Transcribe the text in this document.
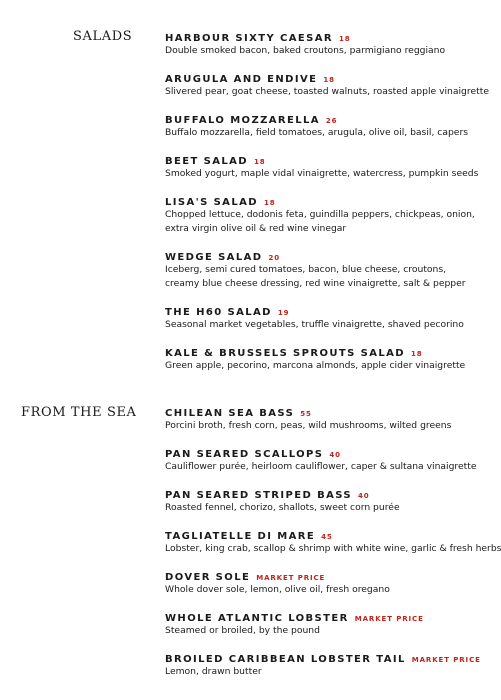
SALADS	HARBOUR SIXTY CAESAR 18
Double smoked bacon, baked croutons, parmigiano reggiano
ARUGULA AND ENDIVE 18
Slivered pear, goat cheese, toasted walnuts, roasted apple vinaigrette
BUFFALO MOZZARELLA 26
Buffalo mozzarella, field tomatoes, arugula, olive oil, basil, capers
BEET SALAD 18
Smoked yogurt, maple vidal vinaigrette, watercress, pumpkin seeds
LISA'S SALAD 18
Chopped lettuce, dodonis feta, guindilla peppers, chickpeas, onion,
extra virgin olive oil & red wine vinegar
WEDGE SALAD 20
Iceberg, semi cured tomatoes, bacon, blue cheese, croutons,
creamy blue cheese dressing, red wine vinaigrette, salt & pepper
THE H60 SALAD 19
Seasonal market vegetables, truffle vinaigrette, shaved pecorino
KALE & BRUSSELS SPROUTS SALAD 18
Green apple, pecorino, marcona almonds, apple cider vinaigrette
FROM THE SEA	CHILEAN SEA BASS 55
Porcini broth, fresh corn, peas, wild mushrooms, wilted greens
PAN SEARED SCALLOPS 40
Cauliflower purée, heirloom cauliflower, caper & sultana vinaigrette
PAN SEARED STRIPED BASS 40
Roasted fennel, chorizo, shallots, sweet corn purée
TAGLIATELLE DI MARE 45
Lobster, king crab, scallop & shrimp with white wine, garlic & fresh herbs
DOVER SOLE MARKET PRICE
Whole dover sole, lemon, olive oil, fresh oregano
WHOLE ATLANTIC LOBSTER MARKET PRICE
Steamed or broiled, by the pound
BROILED CARIBBEAN LOBSTER TAIL MARKET PRICE
Lemon, drawn butter
